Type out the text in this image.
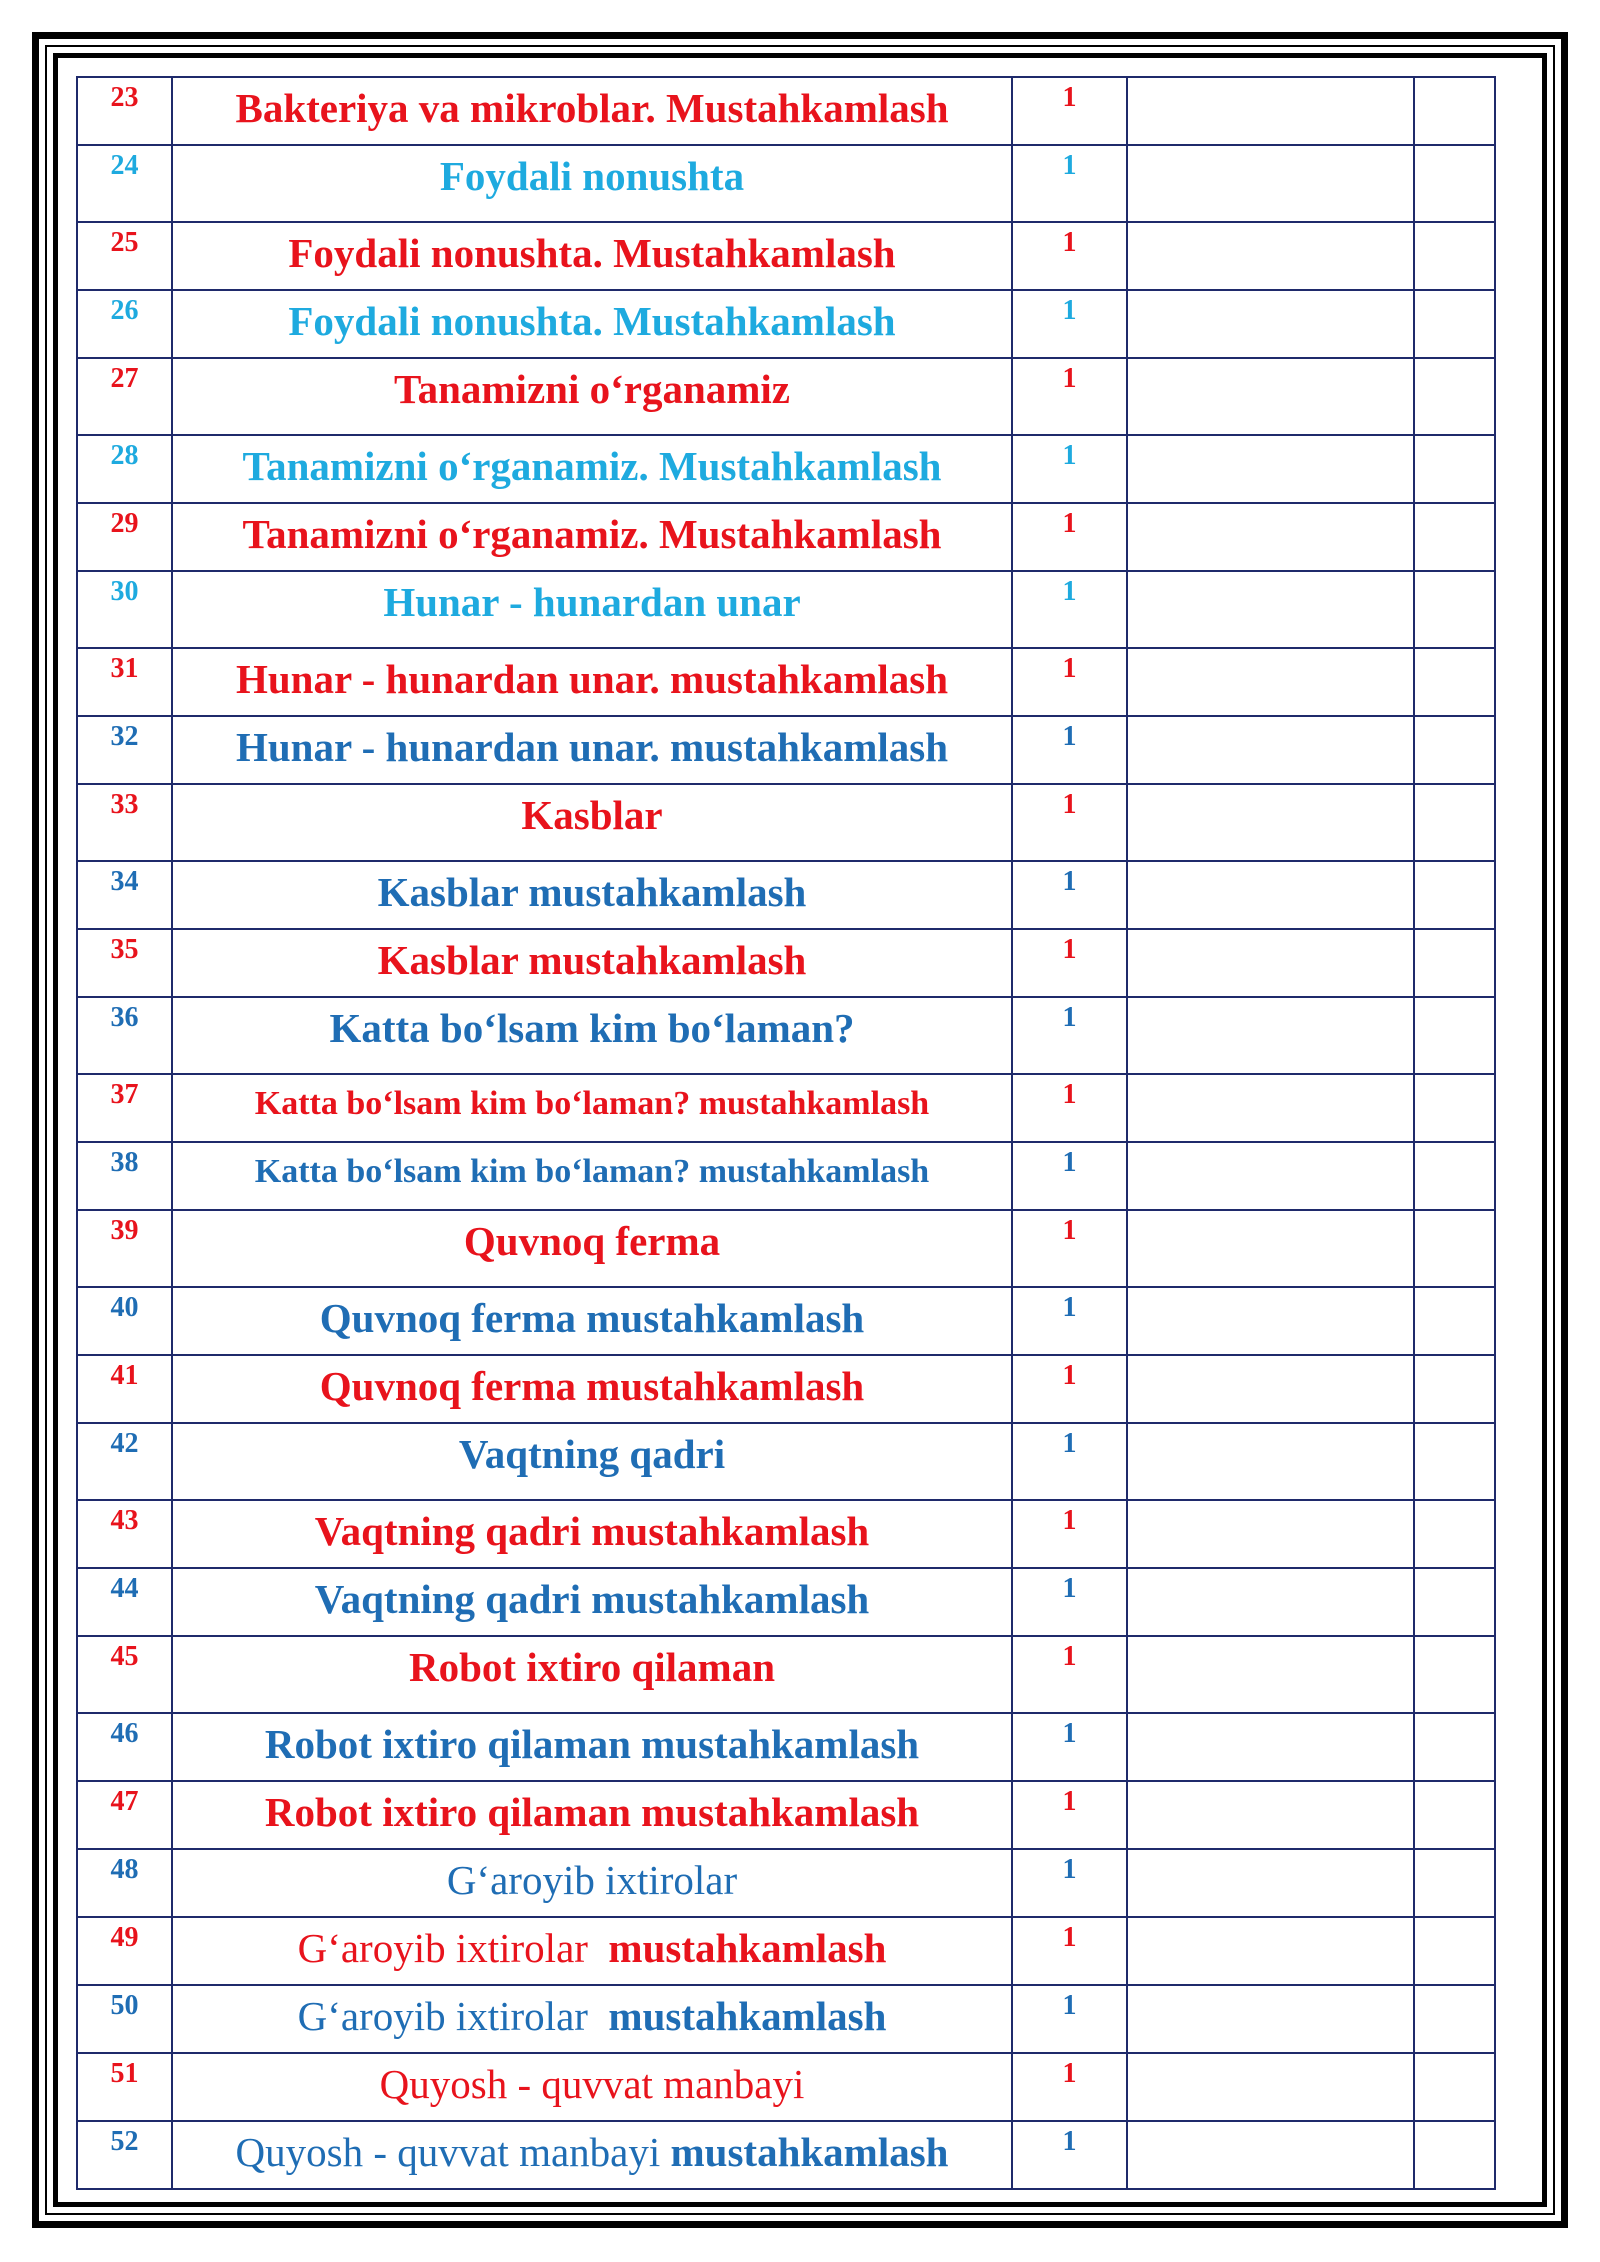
23	Bakteriya va mikroblar. Mustahkamlash	1		
24	Foydali nonushta	1		
25	Foydali nonushta. Mustahkamlash	1		
26	Foydali nonushta. Mustahkamlash	1		
27	Tanamizni o‘rganamiz	1		
28	Tanamizni o‘rganamiz. Mustahkamlash	1		
29	Tanamizni o‘rganamiz. Mustahkamlash	1		
30	Hunar - hunardan unar	1		
31	Hunar - hunardan unar. mustahkamlash	1		
32	Hunar - hunardan unar. mustahkamlash	1		
33	Kasblar	1		
34	Kasblar mustahkamlash	1		
35	Kasblar mustahkamlash	1		
36	Katta bo‘lsam kim bo‘laman?	1		
37	Katta bo‘lsam kim bo‘laman? mustahkamlash	1		
38	Katta bo‘lsam kim bo‘laman? mustahkamlash	1		
39	Quvnoq ferma	1		
40	Quvnoq ferma mustahkamlash	1		
41	Quvnoq ferma mustahkamlash	1		
42	Vaqtning qadri	1		
43	Vaqtning qadri mustahkamlash	1		
44	Vaqtning qadri mustahkamlash	1		
45	Robot ixtiro qilaman	1		
46	Robot ixtiro qilaman mustahkamlash	1		
47	Robot ixtiro qilaman mustahkamlash	1		
48	G‘aroyib ixtirolar	1		
49	G‘aroyib ixtirolar mustahkamlash	1		
50	G‘aroyib ixtirolar mustahkamlash	1		
51	Quyosh - quvvat manbayi	1		
52	Quyosh - quvvat manbayi mustahkamlash	1		
